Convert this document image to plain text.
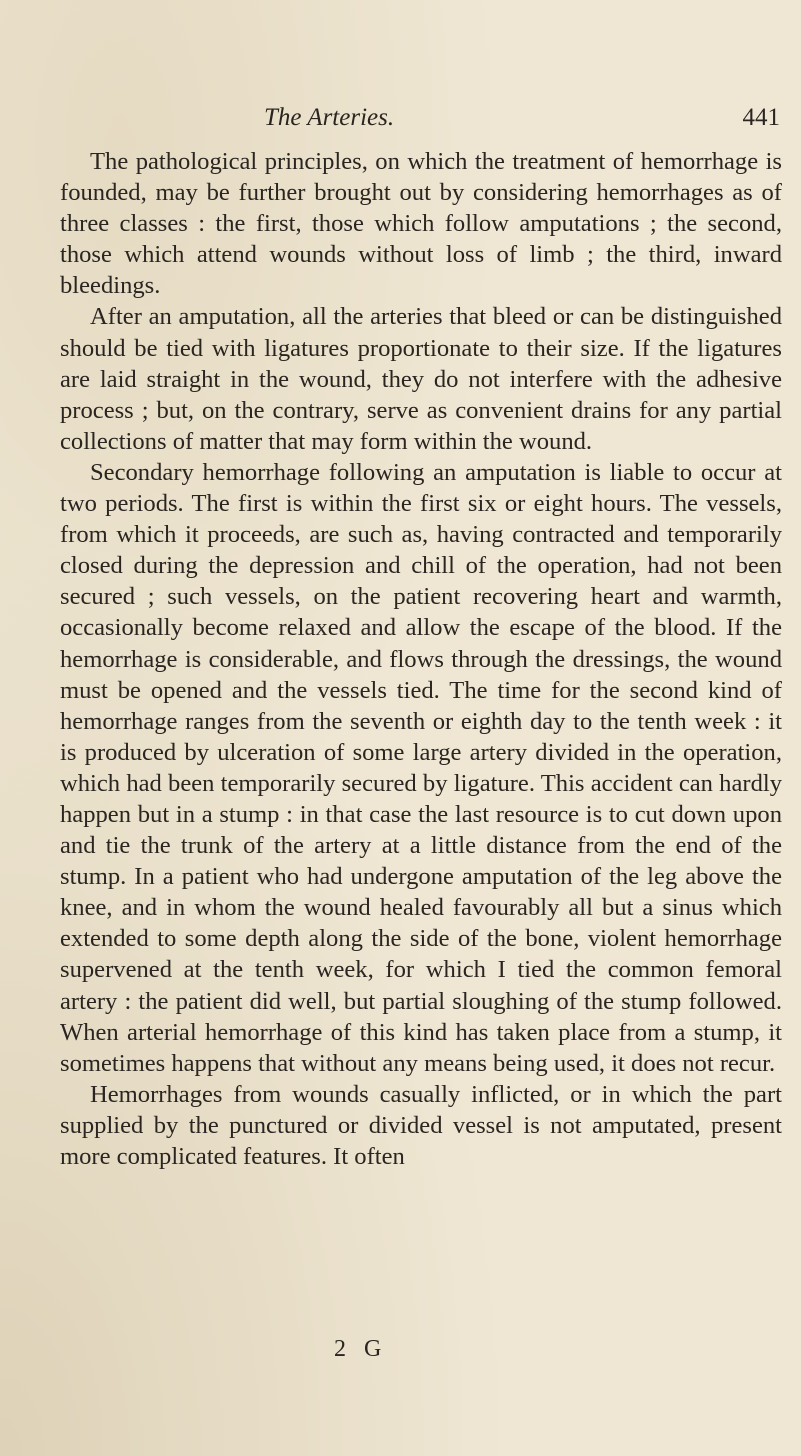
The Arteries.	441

The pathological principles, on which the treatment of hemorrhage is founded, may be further brought out by considering hemorrhages as of three classes : the first, those which follow amputations ; the second, those which attend wounds without loss of limb ; the third, inward bleedings.

After an amputation, all the arteries that bleed or can be distinguished should be tied with ligatures proportionate to their size. If the ligatures are laid straight in the wound, they do not interfere with the adhesive process ; but, on the contrary, serve as convenient drains for any partial collections of matter that may form within the wound.

Secondary hemorrhage following an amputation is liable to occur at two periods. The first is within the first six or eight hours. The vessels, from which it proceeds, are such as, having contracted and temporarily closed during the depression and chill of the operation, had not been secured ; such vessels, on the patient recovering heart and warmth, occasionally become relaxed and allow the escape of the blood. If the hemorrhage is considerable, and flows through the dressings, the wound must be opened and the vessels tied. The time for the second kind of hemorrhage ranges from the seventh or eighth day to the tenth week : it is produced by ulceration of some large artery divided in the operation, which had been temporarily secured by ligature. This accident can hardly happen but in a stump : in that case the last resource is to cut down upon and tie the trunk of the artery at a little distance from the end of the stump. In a patient who had undergone amputation of the leg above the knee, and in whom the wound healed favourably all but a sinus which extended to some depth along the side of the bone, violent hemorrhage supervened at the tenth week, for which I tied the common femoral artery : the patient did well, but partial sloughing of the stump followed. When arterial hemorrhage of this kind has taken place from a stump, it sometimes happens that without any means being used, it does not recur.

Hemorrhages from wounds casually inflicted, or in which the part supplied by the punctured or divided vessel is not amputated, present more complicated features. It often

2 G
